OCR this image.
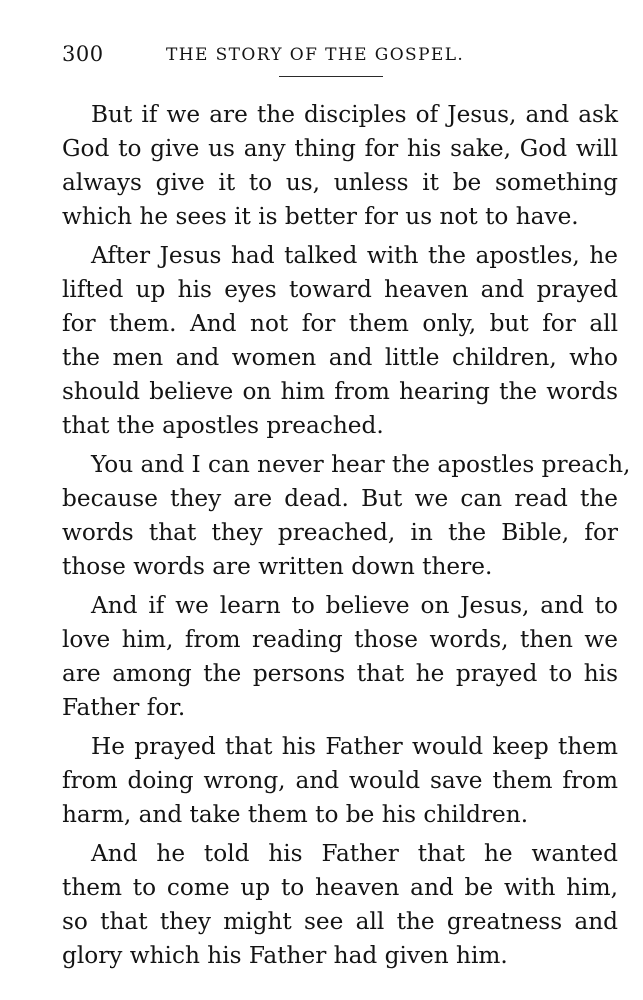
300	THE STORY OF THE GOSPEL.
But if we are the disciples of Jesus, and ask
God to give us any thing for his sake, God will
always give it to us, unless it be something
which he sees it is better for us not to have.
After Jesus had talked with the apostles, he
lifted up his eyes toward heaven and prayed
for them. And not for them only, but for all
the men and women and little children, who
should believe on him from hearing the words
that the apostles preached.
You and I can never hear the apostles preach,
because they are dead. But we can read the
words that they preached, in the Bible, for
those words are written down there.
And if we learn to believe on Jesus, and to
love him, from reading those words, then we
are among the persons that he prayed to his
Father for.
He prayed that his Father would keep them
from doing wrong, and would save them from
harm, and take them to be his children.
And he told his Father that he wanted
them to come up to heaven and be with him,
so that they might see all the greatness and
glory which his Father had given him.
